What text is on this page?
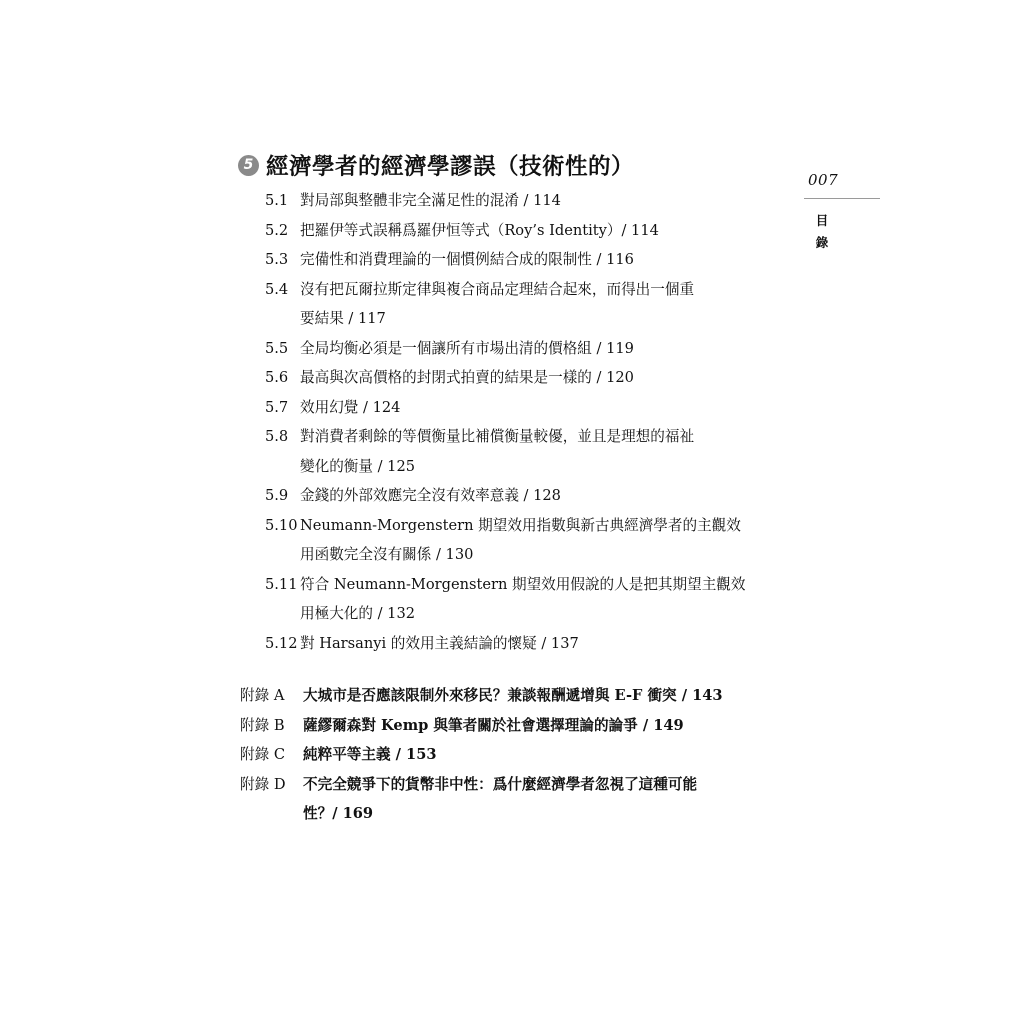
5 經濟學者的經濟學謬誤（技術性的）	007
目
錄
5.1 對局部與整體非完全滿足性的混淆 / 114
5.2 把羅伊等式誤稱爲羅伊恒等式（Roy’s Identity）/ 114
5.3 完備性和消費理論的一個慣例結合成的限制性 / 116
5.4 沒有把瓦爾拉斯定律與複合商品定理結合起來，而得出一個重
要結果 / 117
5.5 全局均衡必須是一個讓所有市場出清的價格組 / 119
5.6 最高與次高價格的封閉式拍賣的結果是一樣的 / 120
5.7 效用幻覺 / 124
5.8 對消費者剩餘的等價衡量比補償衡量較優，並且是理想的福祉
變化的衡量 / 125
5.9 金錢的外部效應完全沒有效率意義 / 128
5.10 Neumann-Morgenstern 期望效用指數與新古典經濟學者的主觀效
用函數完全沒有關係 / 130
5.11 符合 Neumann-Morgenstern 期望效用假說的人是把其期望主觀效
用極大化的 / 132
5.12 對 Harsanyi 的效用主義結論的懷疑 / 137
附錄 A	大城市是否應該限制外來移民？兼談報酬遞增與 E-F 衝突 / 143
附錄 B	薩繆爾森對 Kemp 與筆者關於社會選擇理論的論爭 / 149
附錄 C	純粹平等主義 / 153
附錄 D	不完全競爭下的貨幣非中性：爲什麼經濟學者忽視了這種可能
性？/ 169
